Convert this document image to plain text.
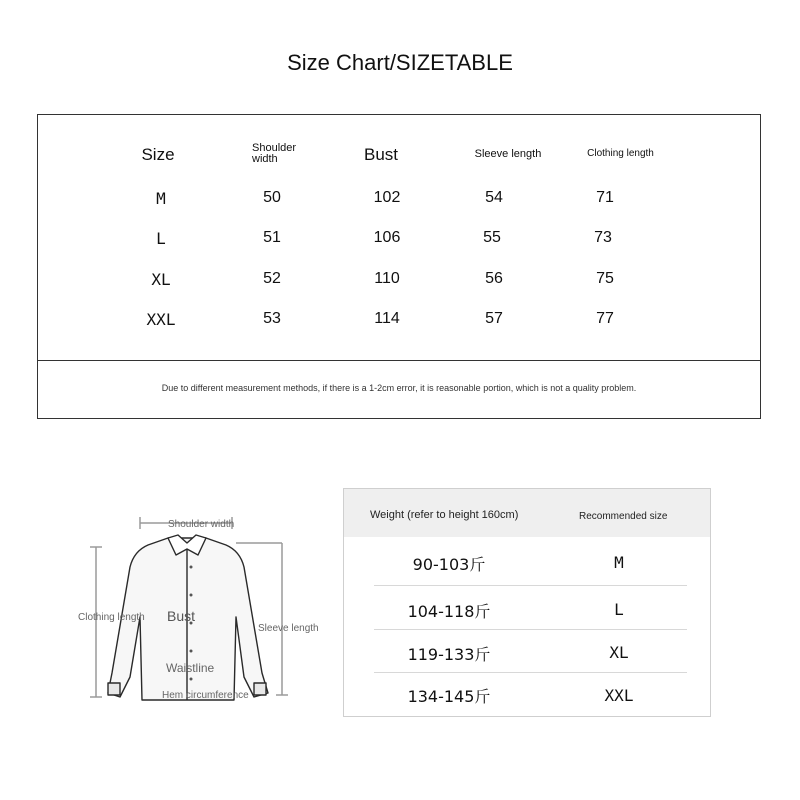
Size Chart/SIZETABLE
Size	Shoulder width	Bust	Sleeve length	Clothing length
M	50	102	54	71
L	51	106	55	73
XL	52	110	56	75
XXL	53	114	57	77
Due to different measurement methods, if there is a 1-2cm error, it is reasonable portion, which is not a quality problem.
Shoulder width
Clothing length Bust
Sleeve length
Waistline
Hem circumference
Weight (refer to height 160cm)	Recommended size
90-103斤	M
104-118斤	L
119-133斤	XL
134-145斤	XXL
